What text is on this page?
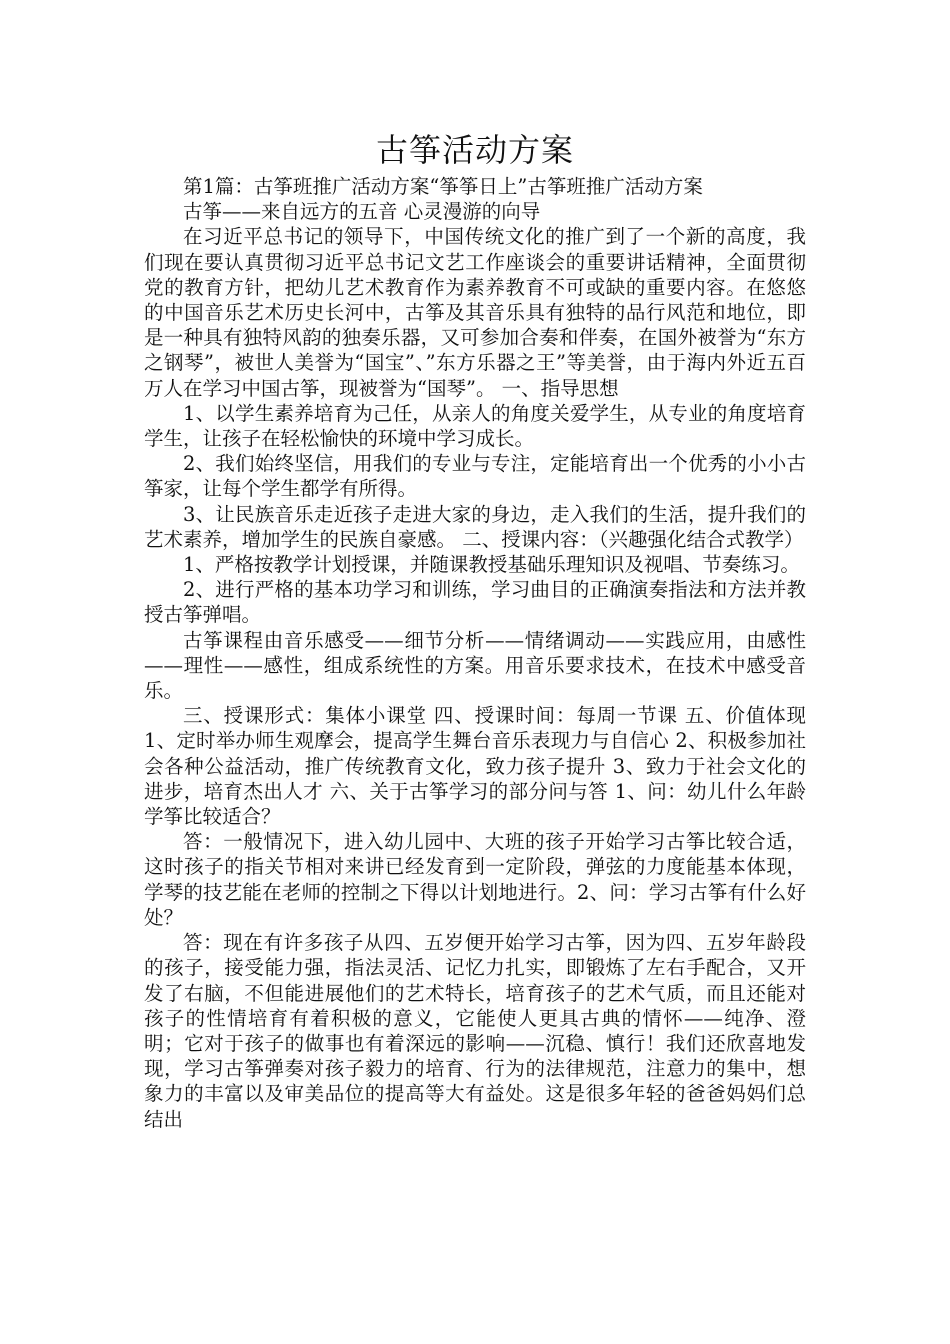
古筝活动方案

第1篇：古筝班推广活动方案“筝筝日上”古筝班推广活动方案

古筝——来自远方的五音 心灵漫游的向导

在习近平总书记的领导下，中国传统文化的推广到了一个新的高度，我们现在要认真贯彻习近平总书记文艺工作座谈会的重要讲话精神，全面贯彻党的教育方针，把幼儿艺术教育作为素养教育不可或缺的重要内容。在悠悠的中国音乐艺术历史长河中，古筝及其音乐具有独特的品行风范和地位，即是一种具有独特风韵的独奏乐器，又可参加合奏和伴奏，在国外被誉为“东方之钢琴”，被世人美誉为“国宝”、”东方乐器之王”等美誉，由于海内外近五百万人在学习中国古筝，现被誉为“国琴”。 一、指导思想

1、以学生素养培育为己任，从亲人的角度关爱学生，从专业的角度培育学生，让孩子在轻松愉快的环境中学习成长。

2、我们始终坚信，用我们的专业与专注，定能培育出一个优秀的小小古筝家，让每个学生都学有所得。

3、让民族音乐走近孩子走进大家的身边，走入我们的生活，提升我们的艺术素养，增加学生的民族自豪感。 二、授课内容：（兴趣强化结合式教学）

1、严格按教学计划授课，并随课教授基础乐理知识及视唱、节奏练习。

2、进行严格的基本功学习和训练，学习曲目的正确演奏指法和方法并教授古筝弹唱。

古筝课程由音乐感受——细节分析——情绪调动——实践应用，由感性——理性——感性，组成系统性的方案。用音乐要求技术，在技术中感受音乐。

三、授课形式：集体小课堂 四、授课时间：每周一节课 五、价值体现 1、定时举办师生观摩会，提高学生舞台音乐表现力与自信心 2、积极参加社会各种公益活动，推广传统教育文化，致力孩子提升 3、致力于社会文化的进步，培育杰出人才 六、关于古筝学习的部分问与答 1、问：幼儿什么年龄学筝比较适合？

答：一般情况下，进入幼儿园中、大班的孩子开始学习古筝比较合适，这时孩子的指关节相对来讲已经发育到一定阶段，弹弦的力度能基本体现，学琴的技艺能在老师的控制之下得以计划地进行。2、问：学习古筝有什么好处？

答：现在有许多孩子从四、五岁便开始学习古筝，因为四、五岁年龄段的孩子，接受能力强，指法灵活、记忆力扎实，即锻炼了左右手配合，又开发了右脑，不但能进展他们的艺术特长，培育孩子的艺术气质，而且还能对孩子的性情培育有着积极的意义，它能使人更具古典的情怀——纯净、澄明；它对于孩子的做事也有着深远的影响——沉稳、慎行！我们还欣喜地发现，学习古筝弹奏对孩子毅力的培育、行为的法律规范，注意力的集中，想象力的丰富以及审美品位的提高等大有益处。这是很多年轻的爸爸妈妈们总结出
